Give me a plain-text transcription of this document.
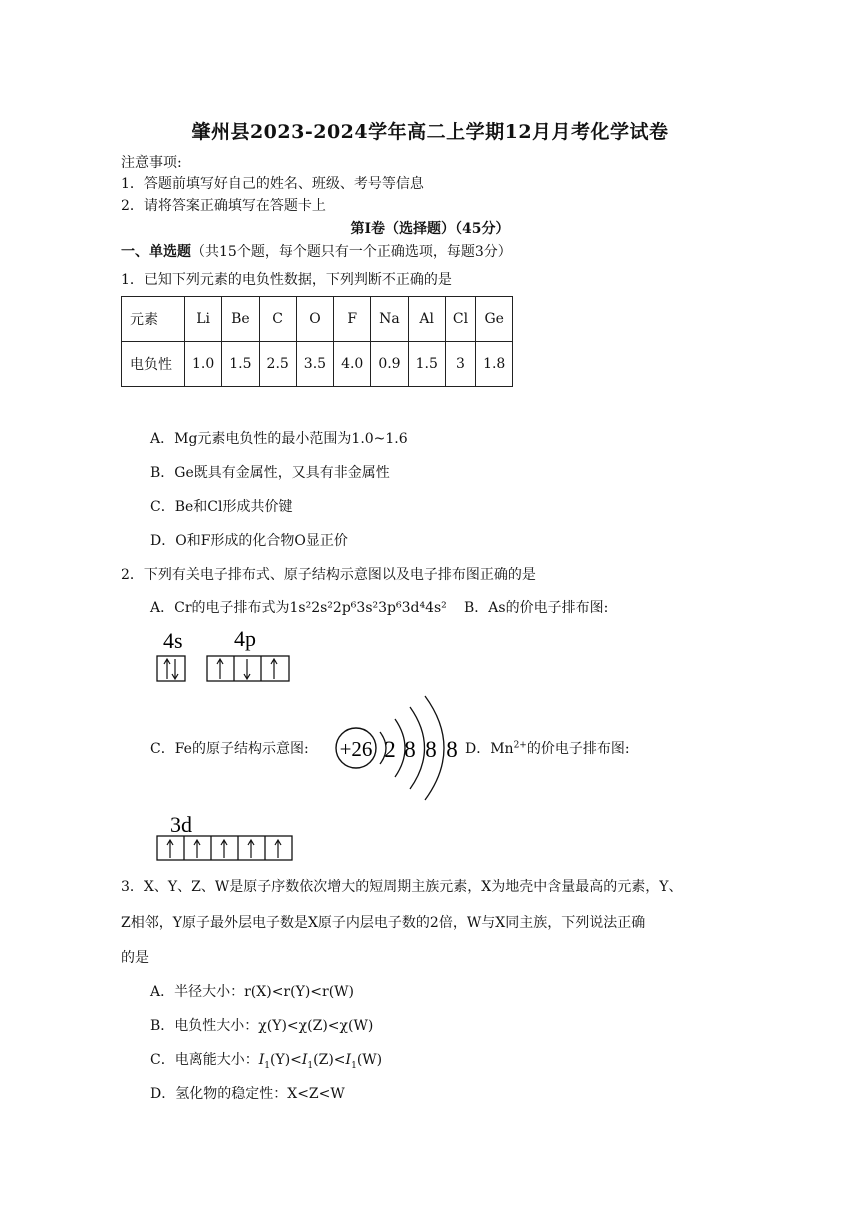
肇州县2023-2024学年高二上学期12月月考化学试卷
注意事项:
1．答题前填写好自己的姓名、班级、考号等信息
2．请将答案正确填写在答题卡上
第I卷（选择题）（45分）
一、单选题（共15个题，每个题只有一个正确选项，每题3分）
1．已知下列元素的电负性数据，下列判断不正确的是
元素	Li	Be	C	O	F	Na	Al	Cl	Ge
电负性	1.0	1.5	2.5	3.5	4.0	0.9	1.5	3	1.8
A．Mg元素电负性的最小范围为1.0~1.6
B．Ge既具有金属性，又具有非金属性
C．Be和Cl形成共价键
D．O和F形成的化合物O显正价
2．下列有关电子排布式、原子结构示意图以及电子排布图正确的是
A．Cr的电子排布式为1s²2s²2p⁶3s²3p⁶3d⁴4s² B．As的价电子排布图:
4s 4p
C．Fe的原子结构示意图: +26 2 8 8 8 D．$Mn^{2+}$的价电子排布图:
3d
3．X、Y、Z、W是原子序数依次增大的短周期主族元素，X为地壳中含量最高的元素，Y、
Z相邻，Y原子最外层电子数是X原子内层电子数的2倍，W与X同主族，下列说法正确
的是
A．半径大小：r(X)<r(Y)<r(W)
B．电负性大小：χ(Y)<χ(Z)<χ(W)
C．电离能大小：$I_1(Y)<I_1(Z)<I_1(W)$
D．氢化物的稳定性：X<Z<W
